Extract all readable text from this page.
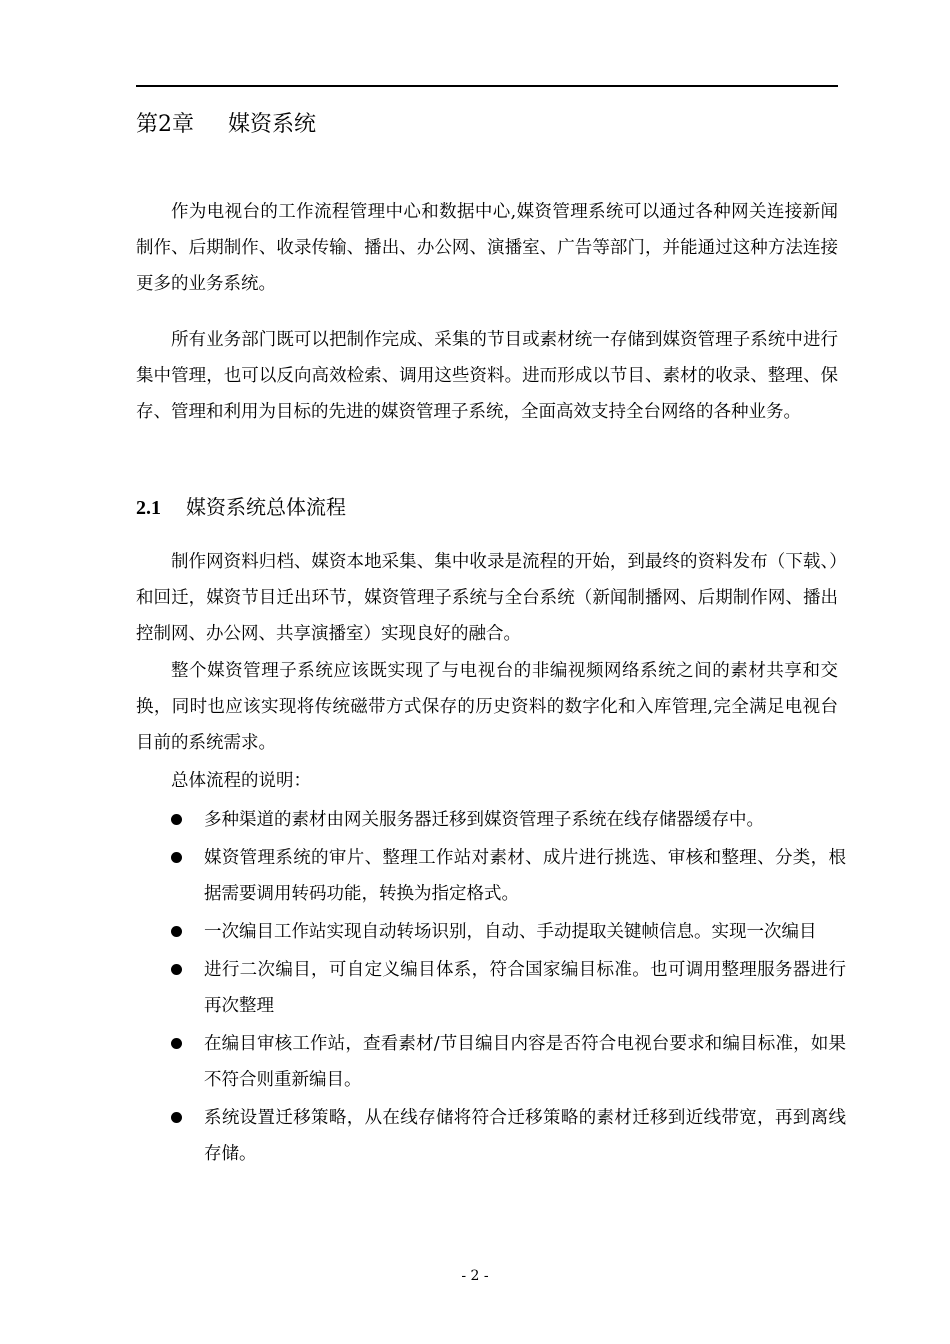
第2章 媒资系统

作为电视台的工作流程管理中心和数据中心,媒资管理系统可以通过各种网关连接新闻制作、后期制作、收录传输、播出、办公网、演播室、广告等部门，并能通过这种方法连接更多的业务系统。

所有业务部门既可以把制作完成、采集的节目或素材统一存储到媒资管理子系统中进行集中管理，也可以反向高效检索、调用这些资料。进而形成以节目、素材的收录、整理、保存、管理和利用为目标的先进的媒资管理子系统，全面高效支持全台网络的各种业务。

2.1 媒资系统总体流程

制作网资料归档、媒资本地采集、集中收录是流程的开始，到最终的资料发布（下载、）和回迁，媒资节目迁出环节，媒资管理子系统与全台系统（新闻制播网、后期制作网、播出控制网、办公网、共享演播室）实现良好的融合。

整个媒资管理子系统应该既实现了与电视台的非编视频网络系统之间的素材共享和交换，同时也应该实现将传统磁带方式保存的历史资料的数字化和入库管理,完全满足电视台目前的系统需求。

总体流程的说明：

多种渠道的素材由网关服务器迁移到媒资管理子系统在线存储器缓存中。
媒资管理系统的审片、整理工作站对素材、成片进行挑选、审核和整理、分类，根据需要调用转码功能，转换为指定格式。
一次编目工作站实现自动转场识别，自动、手动提取关键帧信息。实现一次编目
进行二次编目，可自定义编目体系，符合国家编目标准。也可调用整理服务器进行再次整理
在编目审核工作站，查看素材/节目编目内容是否符合电视台要求和编目标准，如果不符合则重新编目。
系统设置迁移策略，从在线存储将符合迁移策略的素材迁移到近线带宽，再到离线存储。
- 2 -
